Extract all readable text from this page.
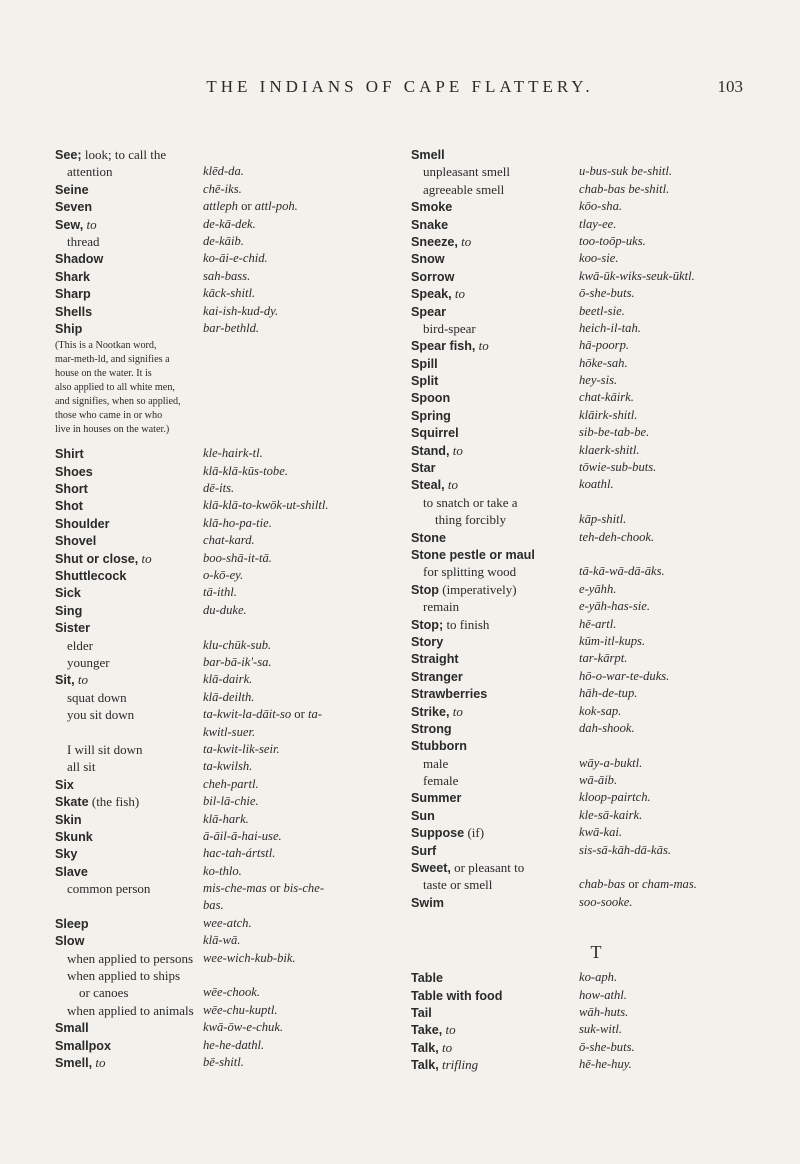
THE INDIANS OF CAPE FLATTERY.	103
See; look; to call the
attention	klēd-da.
Seine	chē-iks.
Seven	attleph or attl-poh.
Sew, to	de-kā-dek.
thread	de-kāib.
Shadow	ko-āi-e-chid.
Shark	sah-bass.
Sharp	kāck-shitl.
Shells	kai-ish-kud-dy.
Ship	bar-bethld.
(This is a Nootkan word,
mar-meth-ld, and signifies a
house on the water. It is
also applied to all white men,
and signifies, when so applied,
those who came in or who
live in houses on the water.)
Shirt	kle-hairk-tl.
Shoes	klā-klā-kūs-tobe.
Short	dē-its.
Shot	klā-klā-to-kwōk-ut-shiltl.
Shoulder	klā-ho-pa-tie.
Shovel	chat-kard.
Shut or close, to	boo-shā-it-tā.
Shuttlecock	o-kō-ey.
Sick	tā-ithl.
Sing	du-duke.
Sister
elder	klu-chūk-sub.
younger	bar-bā-ik'-sa.
Sit, to	klā-dairk.
squat down	klā-deilth.
you sit down	ta-kwit-la-dāit-so or ta-
kwitl-suer.
I will sit down	ta-kwit-lik-seir.
all sit	ta-kwilsh.
Six	cheh-partl.
Skate (the fish)	bil-lā-chie.
Skin	klā-hark.
Skunk	ā-āil-ā-hai-use.
Sky	hac-tah-ártstl.
Slave	ko-thlo.
common person	mis-che-mas or bis-che-
bas.
Sleep	wee-atch.
Slow	klā-wā.
when applied to persons wee-wich-kub-bik.
when applied to ships
or canoes	wēe-chook.
when applied to animals wēe-chu-kuptl.
Small	kwā-ōw-e-chuk.
Smallpox	he-he-dathl.
Smell, to	bē-shitl.
Smell
unpleasant smell	u-bus-suk be-shitl.
agreeable smell	chab-bas be-shitl.
Smoke	kōo-sha.
Snake	tlay-ee.
Sneeze, to	too-toōp-uks.
Snow	koo-sie.
Sorrow	kwā-ūk-wiks-seuk-ūktl.
Speak, to	ō-she-buts.
Spear	beetl-sie.
bird-spear	heich-il-tah.
Spear fish, to	hā-poorp.
Spill	hōke-sah.
Split	hey-sis.
Spoon	chat-kāirk.
Spring	klāirk-shitl.
Squirrel	sib-be-tab-be.
Stand, to	klaerk-shitl.
Star	tōwie-sub-buts.
Steal, to	koathl.
to snatch or take a
thing forcibly	kāp-shitl.
Stone	teh-deh-chook.
Stone pestle or maul
for splitting wood	tā-kā-wā-dā-āks.
Stop (imperatively)	e-yāhh.
remain	e-yāh-has-sie.
Stop; to finish	hē-artl.
Story	kūm-itl-kups.
Straight	tar-kārpt.
Stranger	hō-o-war-te-duks.
Strawberries	hāh-de-tup.
Strike, to	kok-sap.
Strong	dah-shook.
Stubborn
male	wāy-a-buktl.
female	wā-āib.
Summer	kloop-pairtch.
Sun	kle-sā-kairk.
Suppose (if)	kwā-kai.
Surf	sis-sā-kāh-dā-kās.
Sweet, or pleasant to
taste or smell	chab-bas or cham-mas.
Swim	soo-sooke.
T
Table	ko-aph.
Table with food	how-athl.
Tail	wāh-huts.
Take, to	suk-witl.
Talk, to	ō-she-buts.
Talk, trifling	hē-he-huy.
